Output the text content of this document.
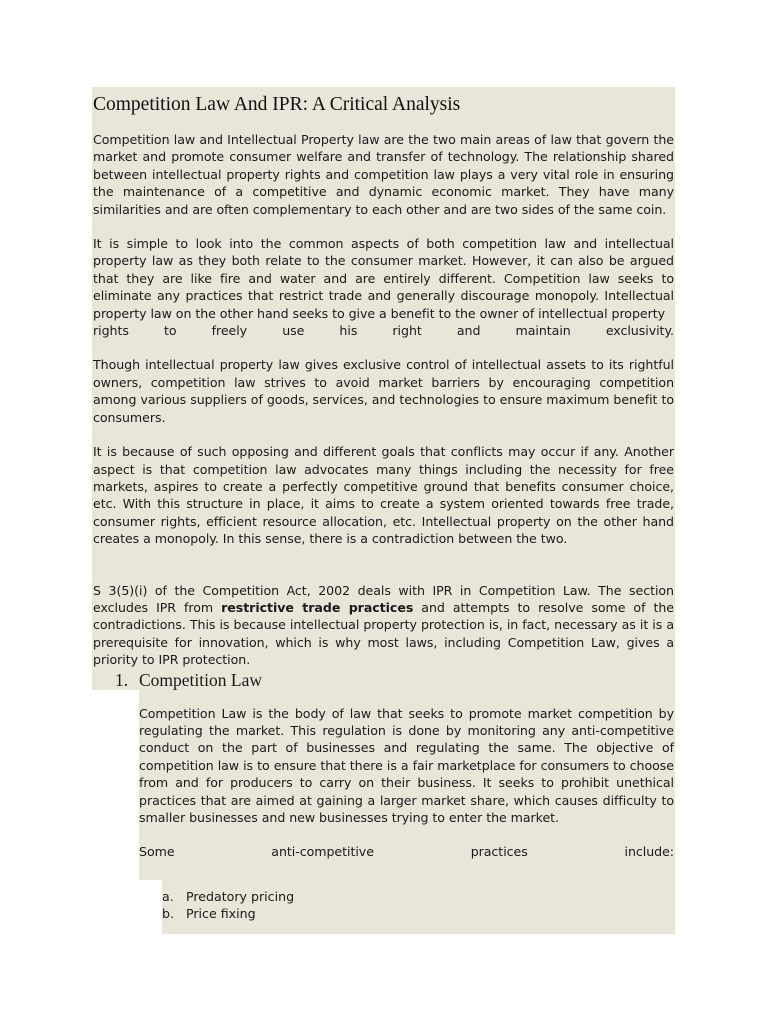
Competition Law And IPR: A Critical Analysis

Competition law and Intellectual Property law are the two main areas of law that govern the market and promote consumer welfare and transfer of technology. The relationship shared between intellectual property rights and competition law plays a very vital role in ensuring the maintenance of a competitive and dynamic economic market. They have many similarities and are often complementary to each other and are two sides of the same coin.

It is simple to look into the common aspects of both competition law and intellectual property law as they both relate to the consumer market. However, it can also be argued that they are like fire and water and are entirely different. Competition law seeks to eliminate any practices that restrict trade and generally discourage monopoly. Intellectual property law on the other hand seeks to give a benefit to the owner of intellectual property

rights to freely use his right and maintain exclusivity.

Though intellectual property law gives exclusive control of intellectual assets to its rightful owners, competition law strives to avoid market barriers by encouraging competition among various suppliers of goods, services, and technologies to ensure maximum benefit to consumers.

It is because of such opposing and different goals that conflicts may occur if any. Another aspect is that competition law advocates many things including the necessity for free markets, aspires to create a perfectly competitive ground that benefits consumer choice, etc. With this structure in place, it aims to create a system oriented towards free trade, consumer rights, efficient resource allocation, etc. Intellectual property on the other hand creates a monopoly. In this sense, there is a contradiction between the two.

S 3(5)(i) of the Competition Act, 2002 deals with IPR in Competition Law. The section excludes IPR from restrictive trade practices and attempts to resolve some of the contradictions. This is because intellectual property protection is, in fact, necessary as it is a prerequisite for innovation, which is why most laws, including Competition Law, gives a priority to IPR protection.

1. Competition Law

Competition Law is the body of law that seeks to promote market competition by regulating the market. This regulation is done by monitoring any anti-competitive conduct on the part of businesses and regulating the same. The objective of competition law is to ensure that there is a fair marketplace for consumers to choose from and for producers to carry on their business. It seeks to prohibit unethical practices that are aimed at gaining a larger market share, which causes difficulty to smaller businesses and new businesses trying to enter the market.

Some anti-competitive practices include:

a. Predatory pricing
b. Price fixing
